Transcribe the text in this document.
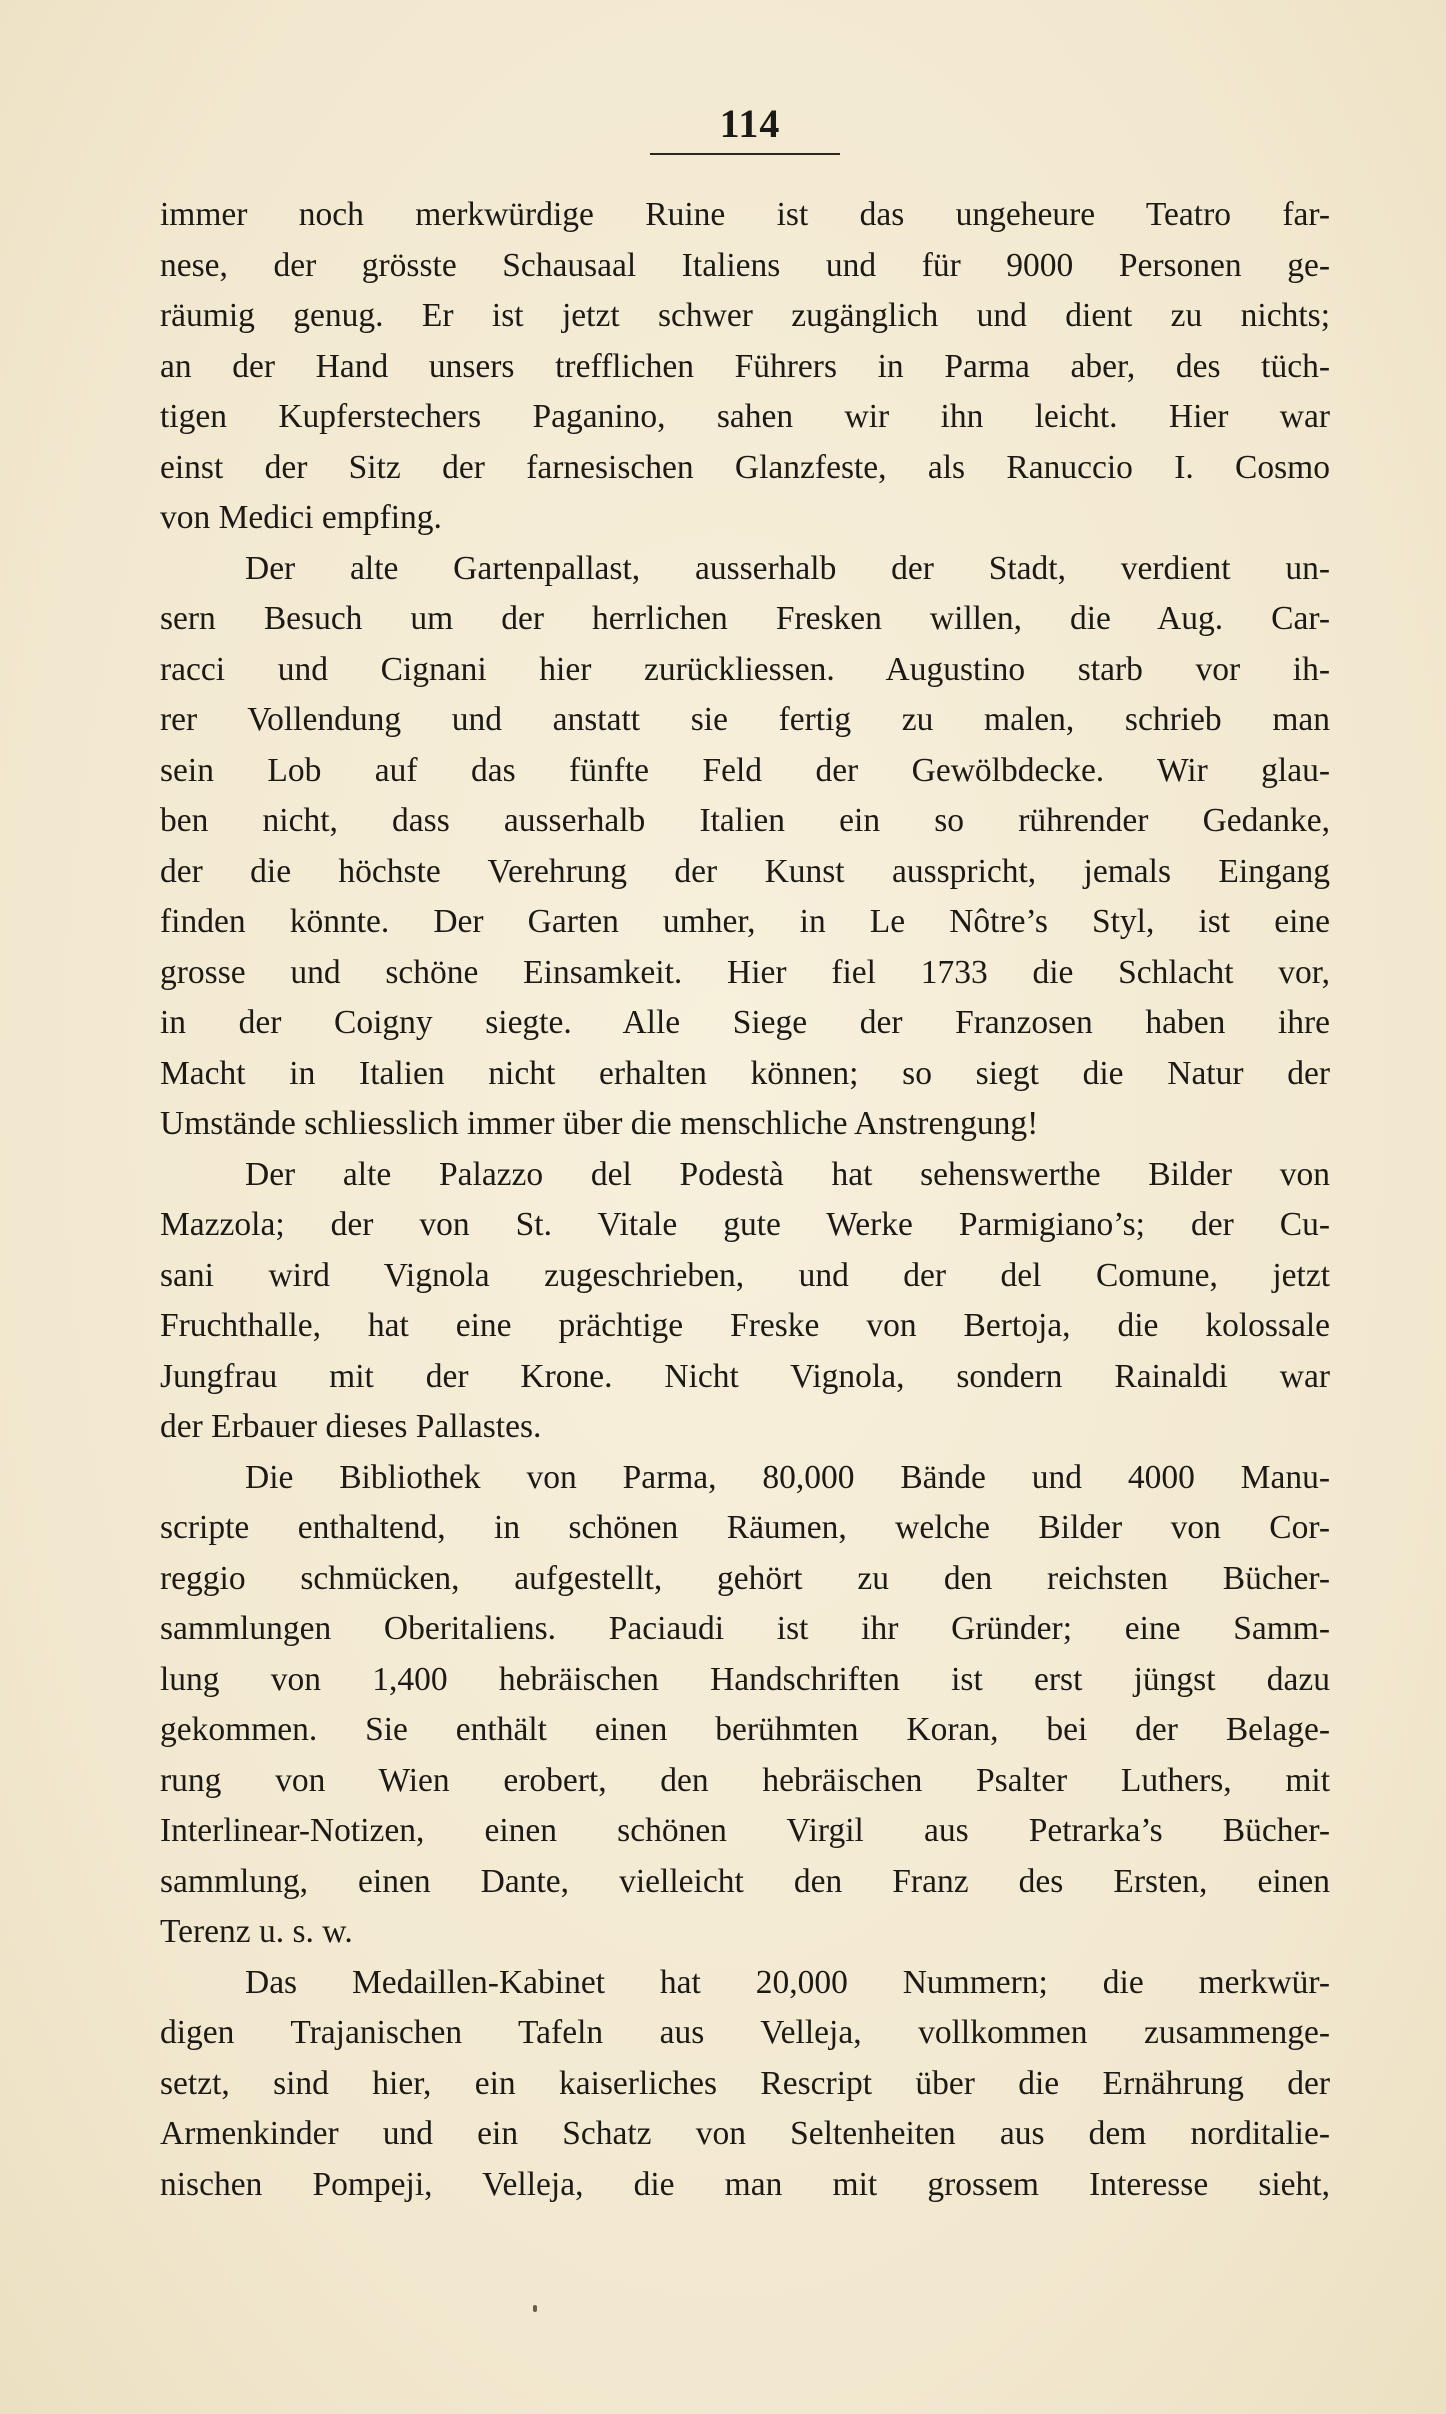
114
immer noch merkwürdige Ruine ist das ungeheure Teatro far-
nese, der grösste Schausaal Italiens und für 9000 Personen ge-
räumig genug. Er ist jetzt schwer zugänglich und dient zu nichts;
an der Hand unsers trefflichen Führers in Parma aber, des tüch-
tigen Kupferstechers Paganino, sahen wir ihn leicht. Hier war
einst der Sitz der farnesischen Glanzfeste, als Ranuccio I. Cosmo
von Medici empfing.
Der alte Gartenpallast, ausserhalb der Stadt, verdient un-
sern Besuch um der herrlichen Fresken willen, die Aug. Car-
racci und Cignani hier zurückliessen. Augustino starb vor ih-
rer Vollendung und anstatt sie fertig zu malen, schrieb man
sein Lob auf das fünfte Feld der Gewölbdecke. Wir glau-
ben nicht, dass ausserhalb Italien ein so rührender Gedanke,
der die höchste Verehrung der Kunst ausspricht, jemals Eingang
finden könnte. Der Garten umher, in Le Nôtre’s Styl, ist eine
grosse und schöne Einsamkeit. Hier fiel 1733 die Schlacht vor,
in der Coigny siegte. Alle Siege der Franzosen haben ihre
Macht in Italien nicht erhalten können; so siegt die Natur der
Umstände schliesslich immer über die menschliche Anstrengung!
Der alte Palazzo del Podestà hat sehenswerthe Bilder von
Mazzola; der von St. Vitale gute Werke Parmigiano’s; der Cu-
sani wird Vignola zugeschrieben, und der del Comune, jetzt
Fruchthalle, hat eine prächtige Freske von Bertoja, die kolossale
Jungfrau mit der Krone. Nicht Vignola, sondern Rainaldi war
der Erbauer dieses Pallastes.
Die Bibliothek von Parma, 80,000 Bände und 4000 Manu-
scripte enthaltend, in schönen Räumen, welche Bilder von Cor-
reggio schmücken, aufgestellt, gehört zu den reichsten Bücher-
sammlungen Oberitaliens. Paciaudi ist ihr Gründer; eine Samm-
lung von 1,400 hebräischen Handschriften ist erst jüngst dazu
gekommen. Sie enthält einen berühmten Koran, bei der Belage-
rung von Wien erobert, den hebräischen Psalter Luthers, mit
Interlinear-Notizen, einen schönen Virgil aus Petrarka’s Bücher-
sammlung, einen Dante, vielleicht den Franz des Ersten, einen
Terenz u. s. w.
Das Medaillen-Kabinet hat 20,000 Nummern; die merkwür-
digen Trajanischen Tafeln aus Velleja, vollkommen zusammenge-
setzt, sind hier, ein kaiserliches Rescript über die Ernährung der
Armenkinder und ein Schatz von Seltenheiten aus dem norditalie-
nischen Pompeji, Velleja, die man mit grossem Interesse sieht,
